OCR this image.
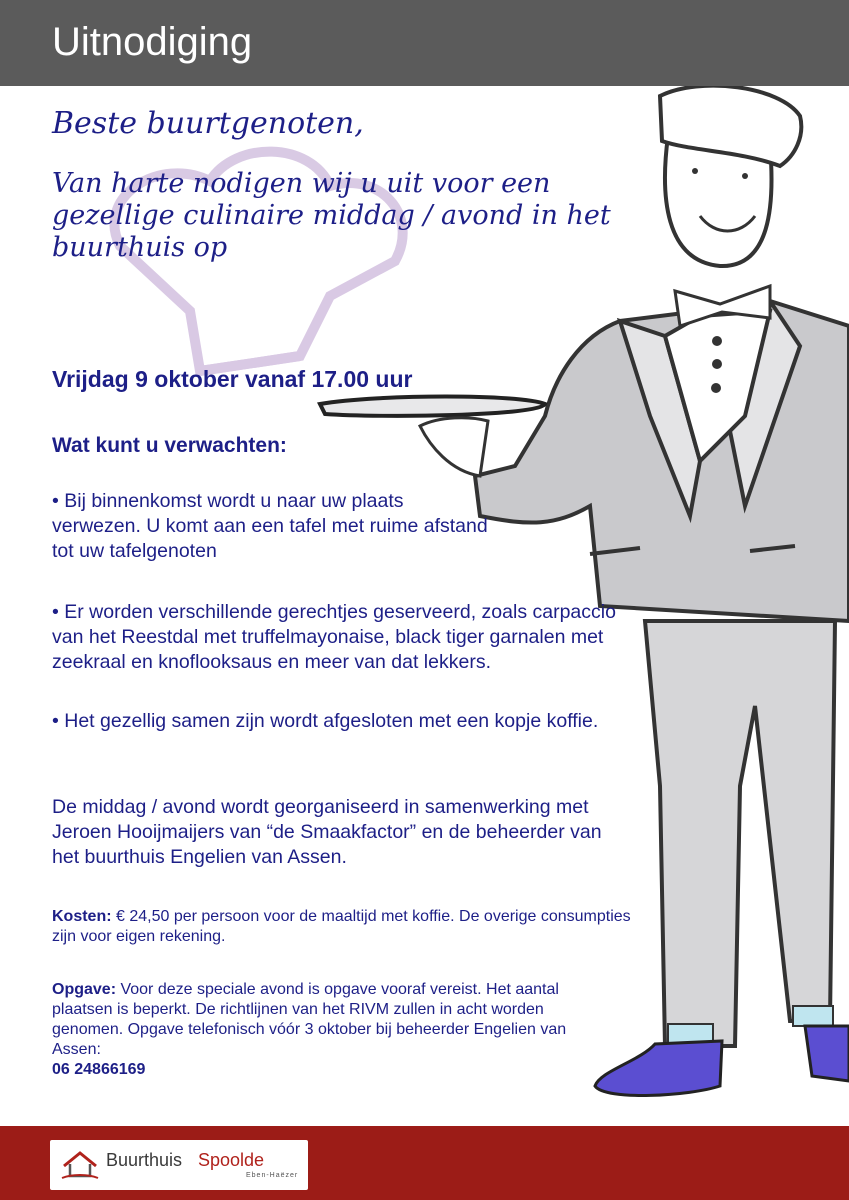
Uitnodiging
Beste buurtgenoten,
Van harte nodigen wij u uit voor een gezellige culinaire middag / avond in het buurthuis op
Vrijdag 9 oktober vanaf 17.00 uur
Wat kunt u verwachten:
• Bij binnenkomst wordt u naar uw plaats verwezen. U komt aan een tafel met ruime afstand tot uw tafelgenoten
• Er worden verschillende gerechtjes geserveerd, zoals carpaccio van het Reestdal met truffelmayonaise, black tiger garnalen met zeekraal en knoflooksaus en meer van dat lekkers.
• Het gezellig samen zijn wordt afgesloten met een kopje koffie.
De middag / avond wordt georganiseerd in samenwerking met Jeroen Hooijmaijers van “de Smaakfactor” en de beheerder van het buurthuis Engelien van Assen.
Kosten: € 24,50 per persoon voor de maaltijd met koffie. De overige consumpties zijn voor eigen rekening.
Opgave: Voor deze speciale avond is opgave vooraf vereist. Het aantal plaatsen is beperkt. De richtlijnen van het RIVM zullen in acht worden genomen. Opgave telefonisch vóór 3 oktober bij beheerder Engelien van Assen:
06 24866169
Buurthuis Spoolde
Eben-Haëzer
